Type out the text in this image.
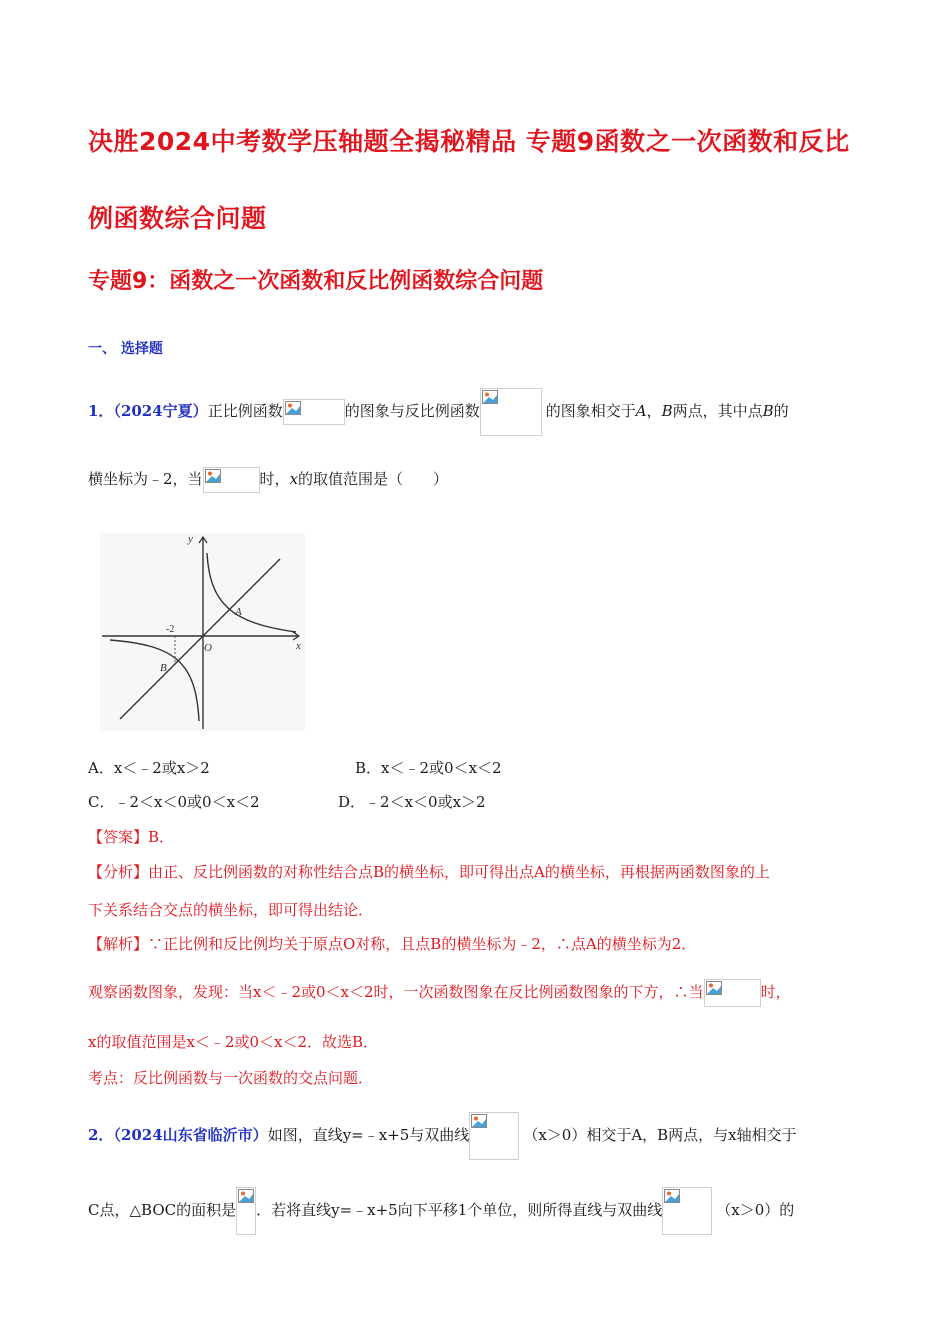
决胜2024中考数学压轴题全揭秘精品 专题9函数之一次函数和反比
例函数综合问题
专题9：函数之一次函数和反比例函数综合问题
一、 选择题
1．（2024宁夏）正比例函数	的图象与反比例函数	的图象相交于A，B两点，其中点B的
横坐标为﹣2，当	时，x的取值范围是（　　）
y
x
O
A
B
-2
A．x＜﹣2或x＞2	B．x＜﹣2或0＜x＜2
C．﹣2＜x＜0或0＜x＜2	D．﹣2＜x＜0或x＞2
【答案】B．
【分析】由正、反比例函数的对称性结合点B的横坐标，即可得出点A的横坐标，再根据两函数图象的上
下关系结合交点的横坐标，即可得出结论．
【解析】∵正比例和反比例均关于原点O对称，且点B的横坐标为﹣2，∴点A的横坐标为2．
观察函数图象，发现：当x＜﹣2或0＜x＜2时，一次函数图象在反比例函数图象的下方，∴当	时，
x的取值范围是x＜﹣2或0＜x＜2．故选B．
考点：反比例函数与一次函数的交点问题．
2．（2024山东省临沂市）如图，直线y=﹣x+5与双曲线	（x＞0）相交于A，B两点，与x轴相交于
C点，△BOC的面积是 ．若将直线y=﹣x+5向下平移1个单位，则所得直线与双曲线	（x＞0）的
